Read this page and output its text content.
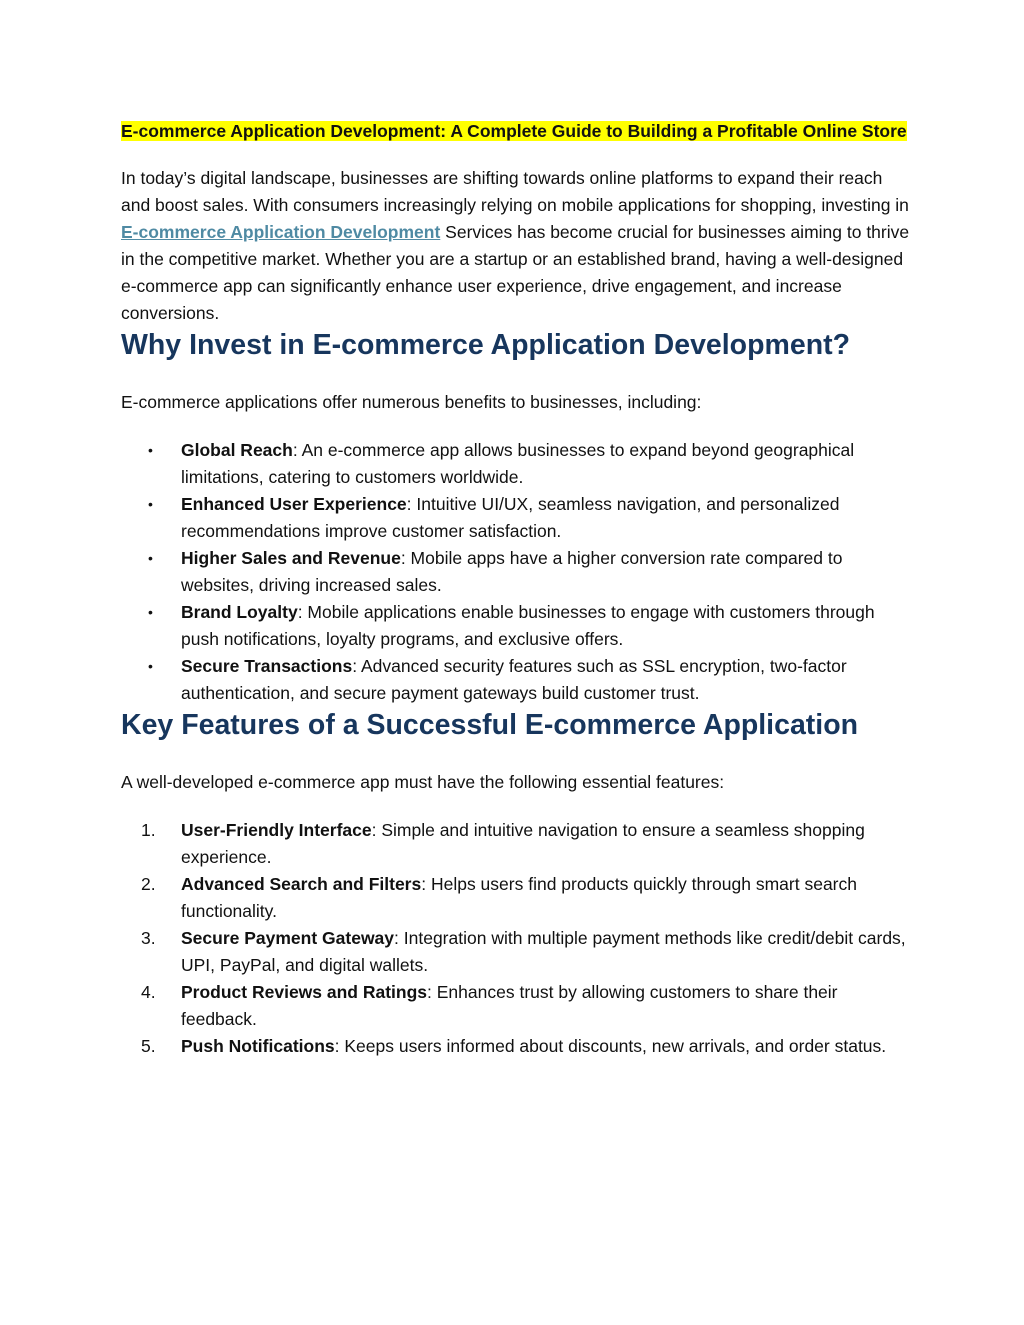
E-commerce Application Development: A Complete Guide to Building a Profitable Online Store

In today’s digital landscape, businesses are shifting towards online platforms to expand their reach and boost sales. With consumers increasingly relying on mobile applications for shopping, investing in E-commerce Application Development Services has become crucial for businesses aiming to thrive in the competitive market. Whether you are a startup or an established brand, having a well-designed e-commerce app can significantly enhance user experience, drive engagement, and increase conversions.

Why Invest in E-commerce Application Development?

E-commerce applications offer numerous benefits to businesses, including:

• Global Reach: An e-commerce app allows businesses to expand beyond geographical limitations, catering to customers worldwide.
• Enhanced User Experience: Intuitive UI/UX, seamless navigation, and personalized recommendations improve customer satisfaction.
• Higher Sales and Revenue: Mobile apps have a higher conversion rate compared to websites, driving increased sales.
• Brand Loyalty: Mobile applications enable businesses to engage with customers through push notifications, loyalty programs, and exclusive offers.
• Secure Transactions: Advanced security features such as SSL encryption, two-factor authentication, and secure payment gateways build customer trust.
Key Features of a Successful E-commerce Application

A well-developed e-commerce app must have the following essential features:

1. User-Friendly Interface: Simple and intuitive navigation to ensure a seamless shopping experience.
2. Advanced Search and Filters: Helps users find products quickly through smart search functionality.
3. Secure Payment Gateway: Integration with multiple payment methods like credit/debit cards, UPI, PayPal, and digital wallets.
4. Product Reviews and Ratings: Enhances trust by allowing customers to share their feedback.
5. Push Notifications: Keeps users informed about discounts, new arrivals, and order status.
